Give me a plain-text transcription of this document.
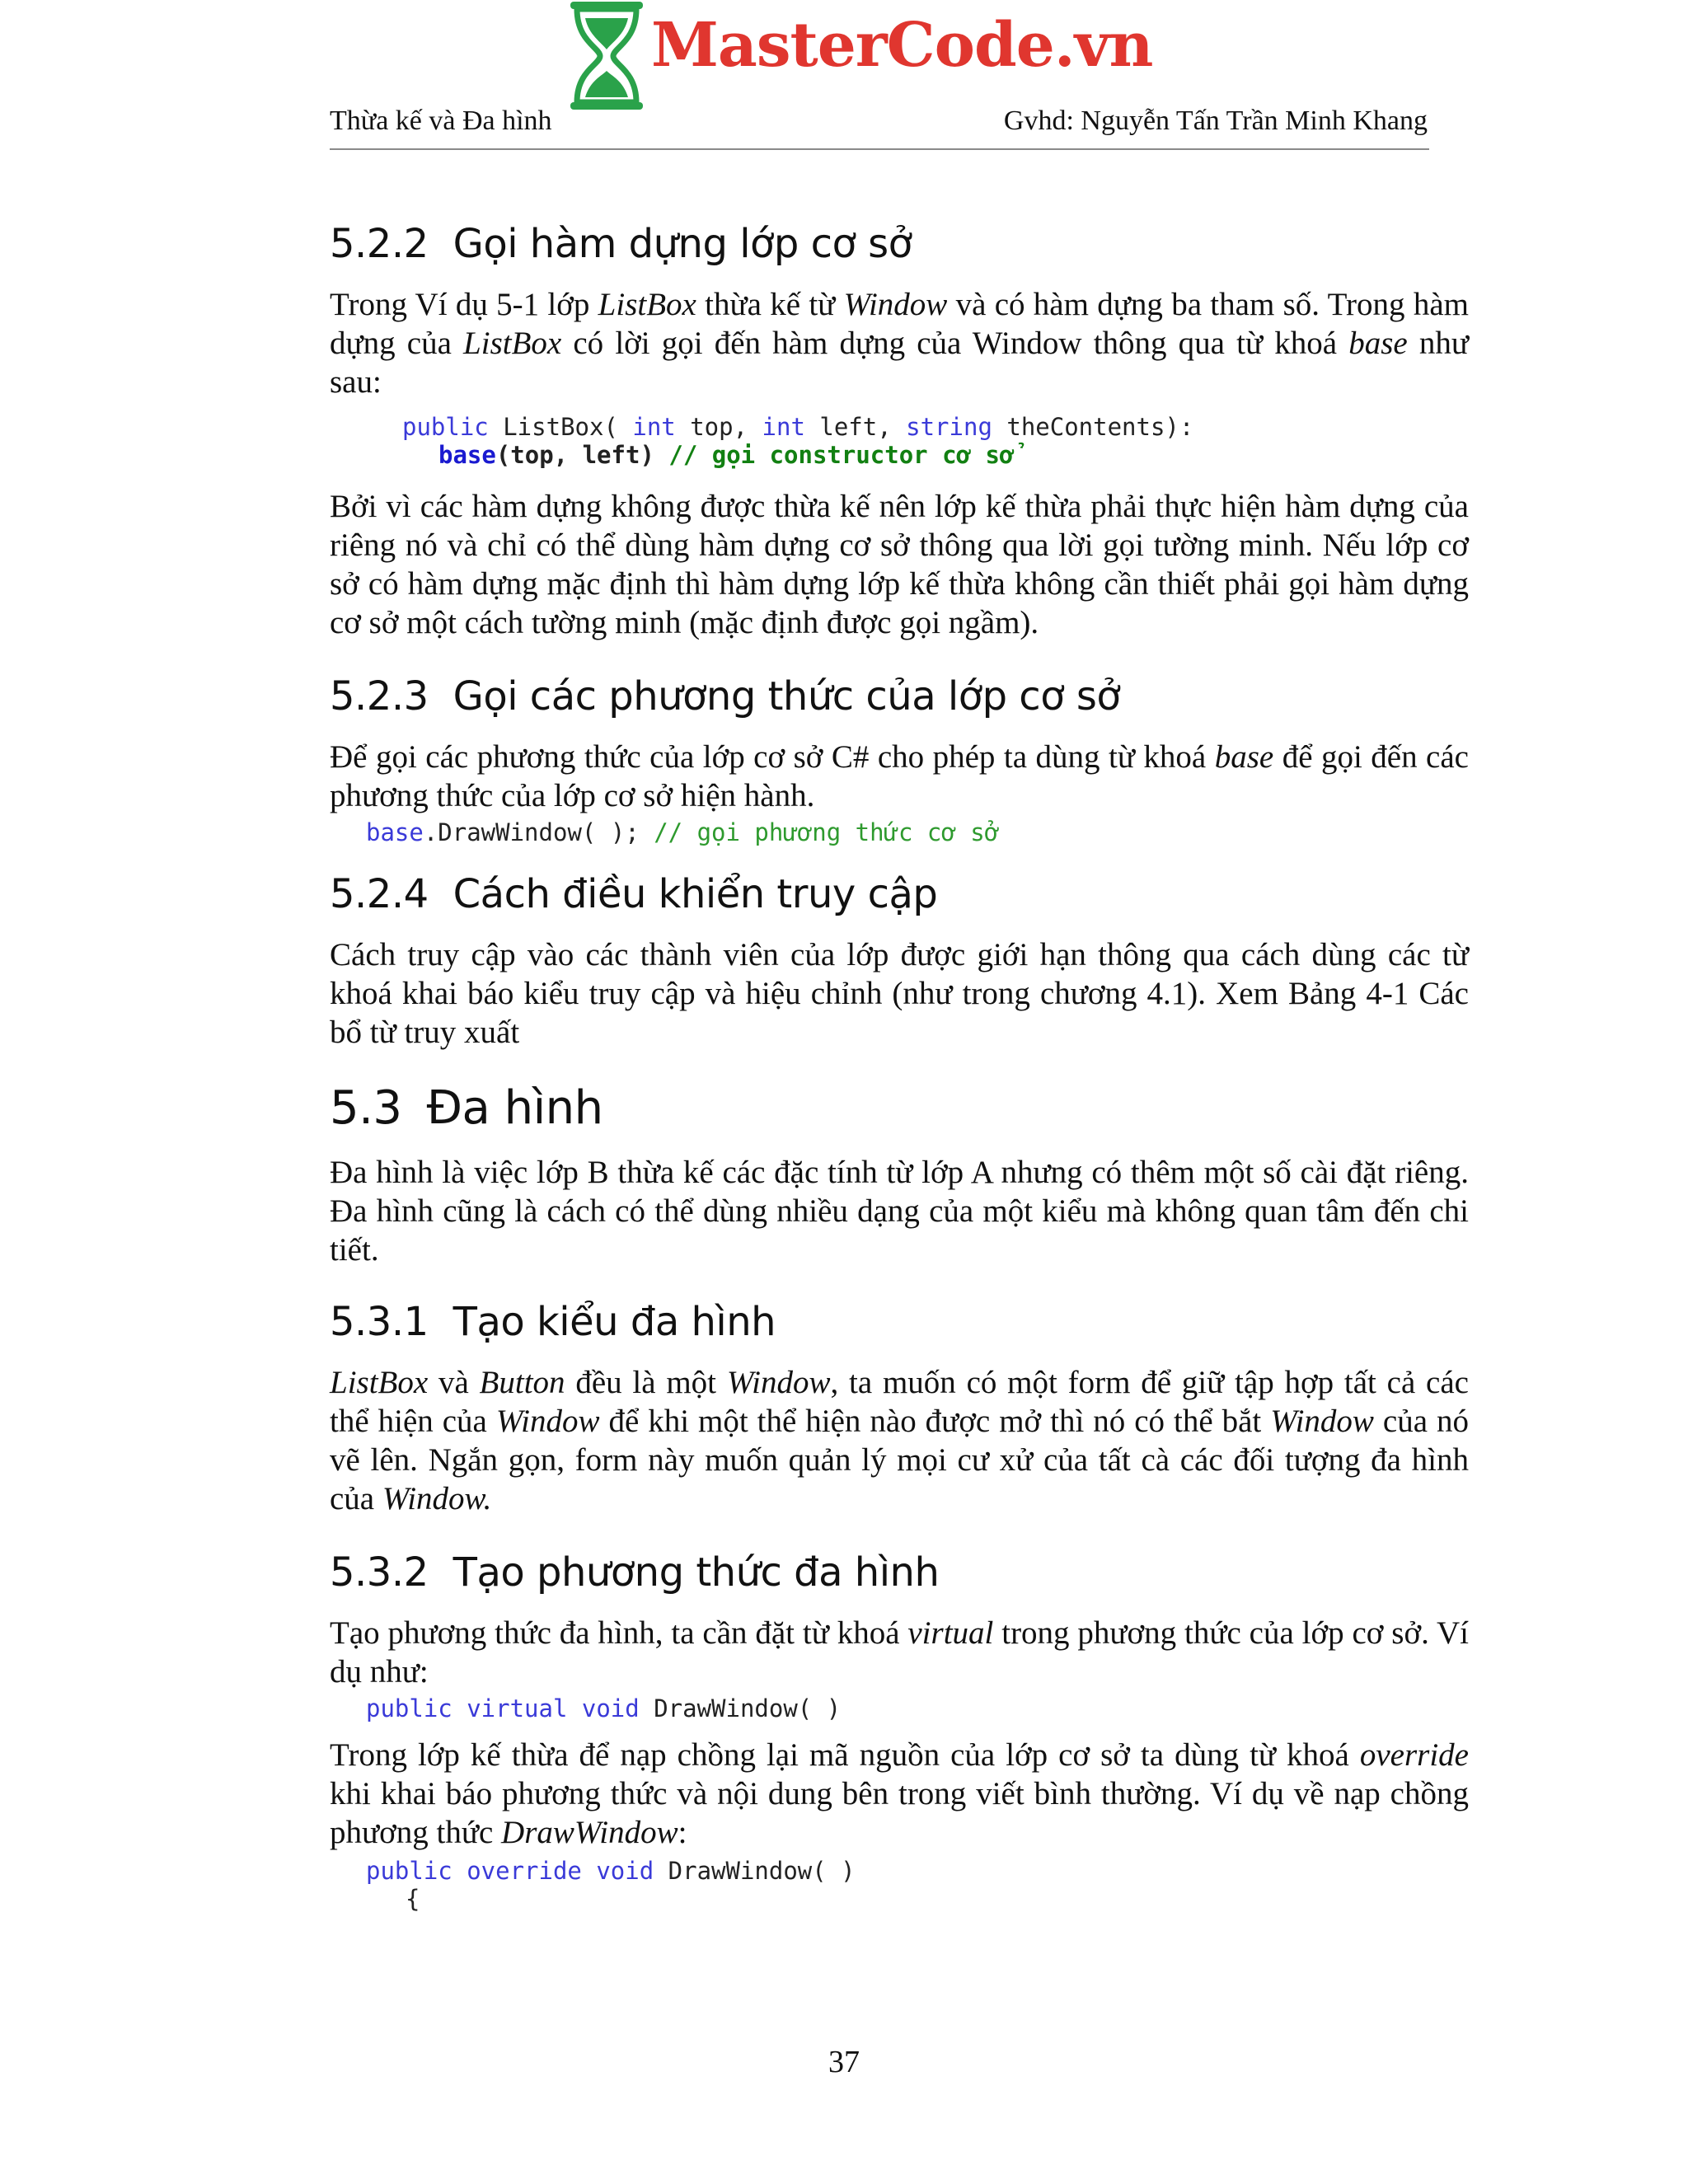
MasterCode.vn
Thừa kế và Đa hình	Gvhd: Nguyễn Tấn Trần Minh Khang
5.2.2 Gọi hàm dựng lớp cơ sở

Trong Ví dụ 5-1 lớp ListBox thừa kế từ Window và có hàm dựng ba tham số. Trong hàm dựng của ListBox có lời gọi đến hàm dựng của Window thông qua từ khoá base như sau:

public ListBox( int top, int left, string theContents):
base(top, left) // gọi constructor cơ sở

Bởi vì các hàm dựng không được thừa kế nên lớp kế thừa phải thực hiện hàm dựng của riêng nó và chỉ có thể dùng hàm dựng cơ sở thông qua lời gọi tường minh. Nếu lớp cơ sở có hàm dựng mặc định thì hàm dựng lớp kế thừa không cần thiết phải gọi hàm dựng cơ sở một cách tường minh (mặc định được gọi ngầm).

5.2.3 Gọi các phương thức của lớp cơ sở

Để gọi các phương thức của lớp cơ sở C# cho phép ta dùng từ khoá base để gọi đến các phương thức của lớp cơ sở hiện hành.

base.DrawWindow( ); // gọi phương thức cơ sở
5.2.4 Cách điều khiển truy cập

Cách truy cập vào các thành viên của lớp được giới hạn thông qua cách dùng các từ khoá khai báo kiểu truy cập và hiệu chỉnh (như trong chương 4.1). Xem Bảng 4-1 Các bổ từ truy xuất

5.3 Đa hình

Đa hình là việc lớp B thừa kế các đặc tính từ lớp A nhưng có thêm một số cài đặt riêng. Đa hình cũng là cách có thể dùng nhiều dạng của một kiểu mà không quan tâm đến chi tiết.

5.3.1 Tạo kiểu đa hình

ListBox và Button đều là một Window, ta muốn có một form để giữ tập hợp tất cả các thể hiện của Window để khi một thể hiện nào được mở thì nó có thể bắt Window của nó vẽ lên. Ngắn gọn, form này muốn quản lý mọi cư xử của tất cà các đối tượng đa hình của Window.

5.3.2 Tạo phương thức đa hình

Tạo phương thức đa hình, ta cần đặt từ khoá virtual trong phương thức của lớp cơ sở. Ví dụ như:

public virtual void DrawWindow( )

Trong lớp kế thừa để nạp chồng lại mã nguồn của lớp cơ sở ta dùng từ khoá override khi khai báo phương thức và nội dung bên trong viết bình thường. Ví dụ về nạp chồng phương thức DrawWindow:

public override void DrawWindow( )
{
37
